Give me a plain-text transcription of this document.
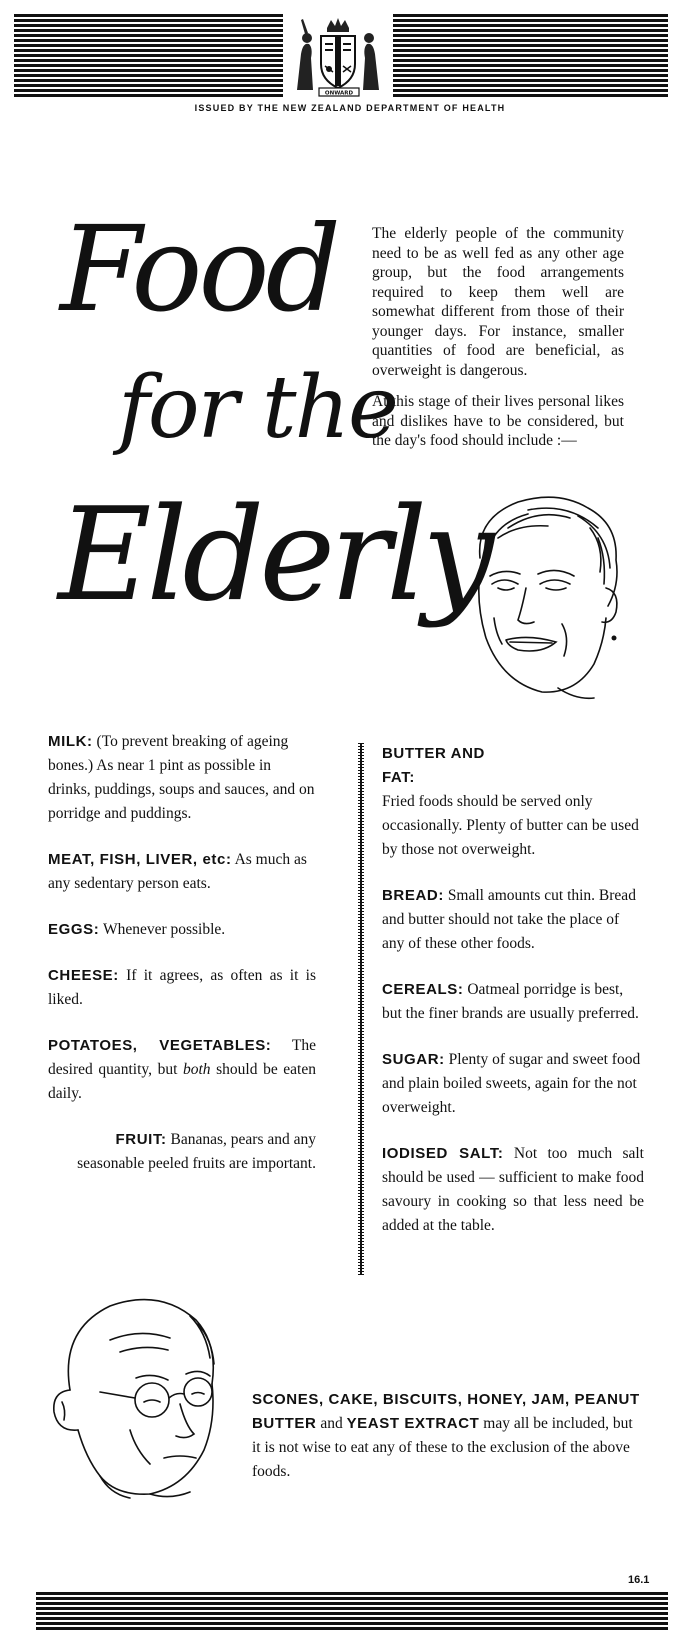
ONWARD
ISSUED BY THE NEW ZEALAND DEPARTMENT OF HEALTH
Food
for the
Elderly

The elderly people of the community need to be as well fed as any other age group, but the food arrangements required to keep them well are somewhat different from those of their younger days. For instance, smaller quantities of food are beneficial, as overweight is dangerous.

At this stage of their lives personal likes and dislikes have to be considered, but the day's food should include :—

MILK: (To prevent breaking of ageing bones.) As near 1 pint as possible in drinks, puddings, soups and sauces, and on porridge and puddings.
MEAT, FISH, LIVER, etc: As much as any sedentary person eats.
EGGS: Whenever possible.
CHEESE: If it agrees, as often as it is liked.
POTATOES, VEGETABLES: The desired quantity, but both should be eaten daily.
FRUIT: Bananas, pears and any seasonable peeled fruits are important.
BUTTER AND FAT:
Fried foods should be served only occasionally. Plenty of butter can be used by those not overweight.
BREAD: Small amounts cut thin. Bread and butter should not take the place of any of these other foods.
CEREALS: Oatmeal porridge is best, but the finer brands are usually preferred.
SUGAR: Plenty of sugar and sweet food and plain boiled sweets, again for the not overweight.
IODISED SALT: Not too much salt should be used — sufficient to make food savoury in cooking so that less need be added at the table.
SCONES, CAKE, BISCUITS, HONEY, JAM, PEANUT BUTTER and YEAST EXTRACT may all be included, but it is not wise to eat any of these to the exclusion of the above foods.
16.1
